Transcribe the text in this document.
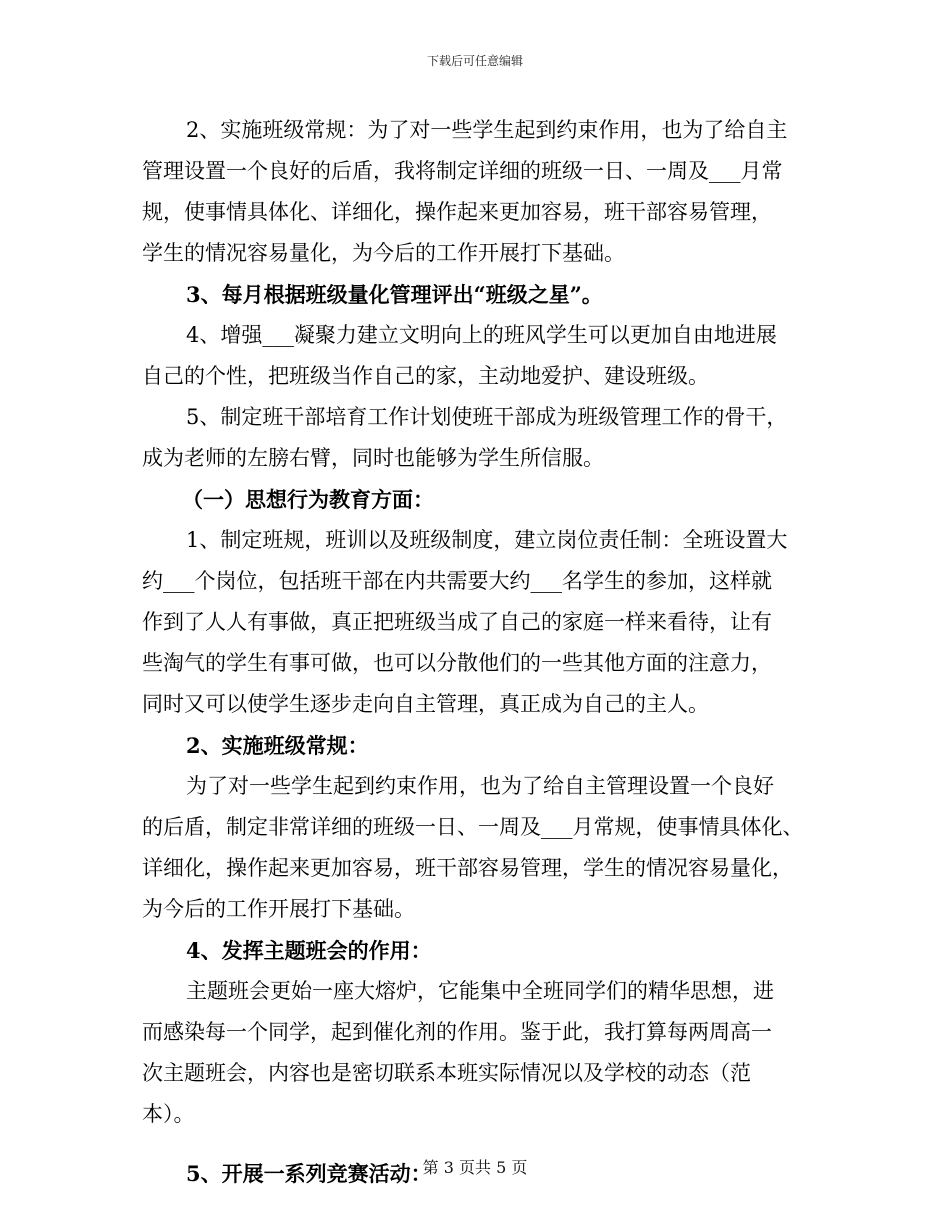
下载后可任意编辑
2、实施班级常规：为了对一些学生起到约束作用，也为了给自主
管理设置一个良好的后盾，我将制定详细的班级一日、一周及___月常
规，使事情具体化、详细化，操作起来更加容易，班干部容易管理，
学生的情况容易量化，为今后的工作开展打下基础。
3、每月根据班级量化管理评出“班级之星”。
4、增强___凝聚力建立文明向上的班风学生可以更加自由地进展
自己的个性，把班级当作自己的家，主动地爱护、建设班级。
5、制定班干部培育工作计划使班干部成为班级管理工作的骨干，
成为老师的左膀右臂，同时也能够为学生所信服。
（一）思想行为教育方面：
1、制定班规，班训以及班级制度，建立岗位责任制：全班设置大
约___个岗位，包括班干部在内共需要大约___名学生的参加，这样就
作到了人人有事做，真正把班级当成了自己的家庭一样来看待，让有
些淘气的学生有事可做，也可以分散他们的一些其他方面的注意力，
同时又可以使学生逐步走向自主管理，真正成为自己的主人。
2、实施班级常规：
为了对一些学生起到约束作用，也为了给自主管理设置一个良好
的后盾，制定非常详细的班级一日、一周及___月常规，使事情具体化、
详细化，操作起来更加容易，班干部容易管理，学生的情况容易量化，
为今后的工作开展打下基础。
4、发挥主题班会的作用：
主题班会更始一座大熔炉，它能集中全班同学们的精华思想，进
而感染每一个同学，起到催化剂的作用。鉴于此，我打算每两周高一
次主题班会，内容也是密切联系本班实际情况以及学校的动态（范
本）。
5、开展一系列竞赛活动：
第 3 页共 5 页
